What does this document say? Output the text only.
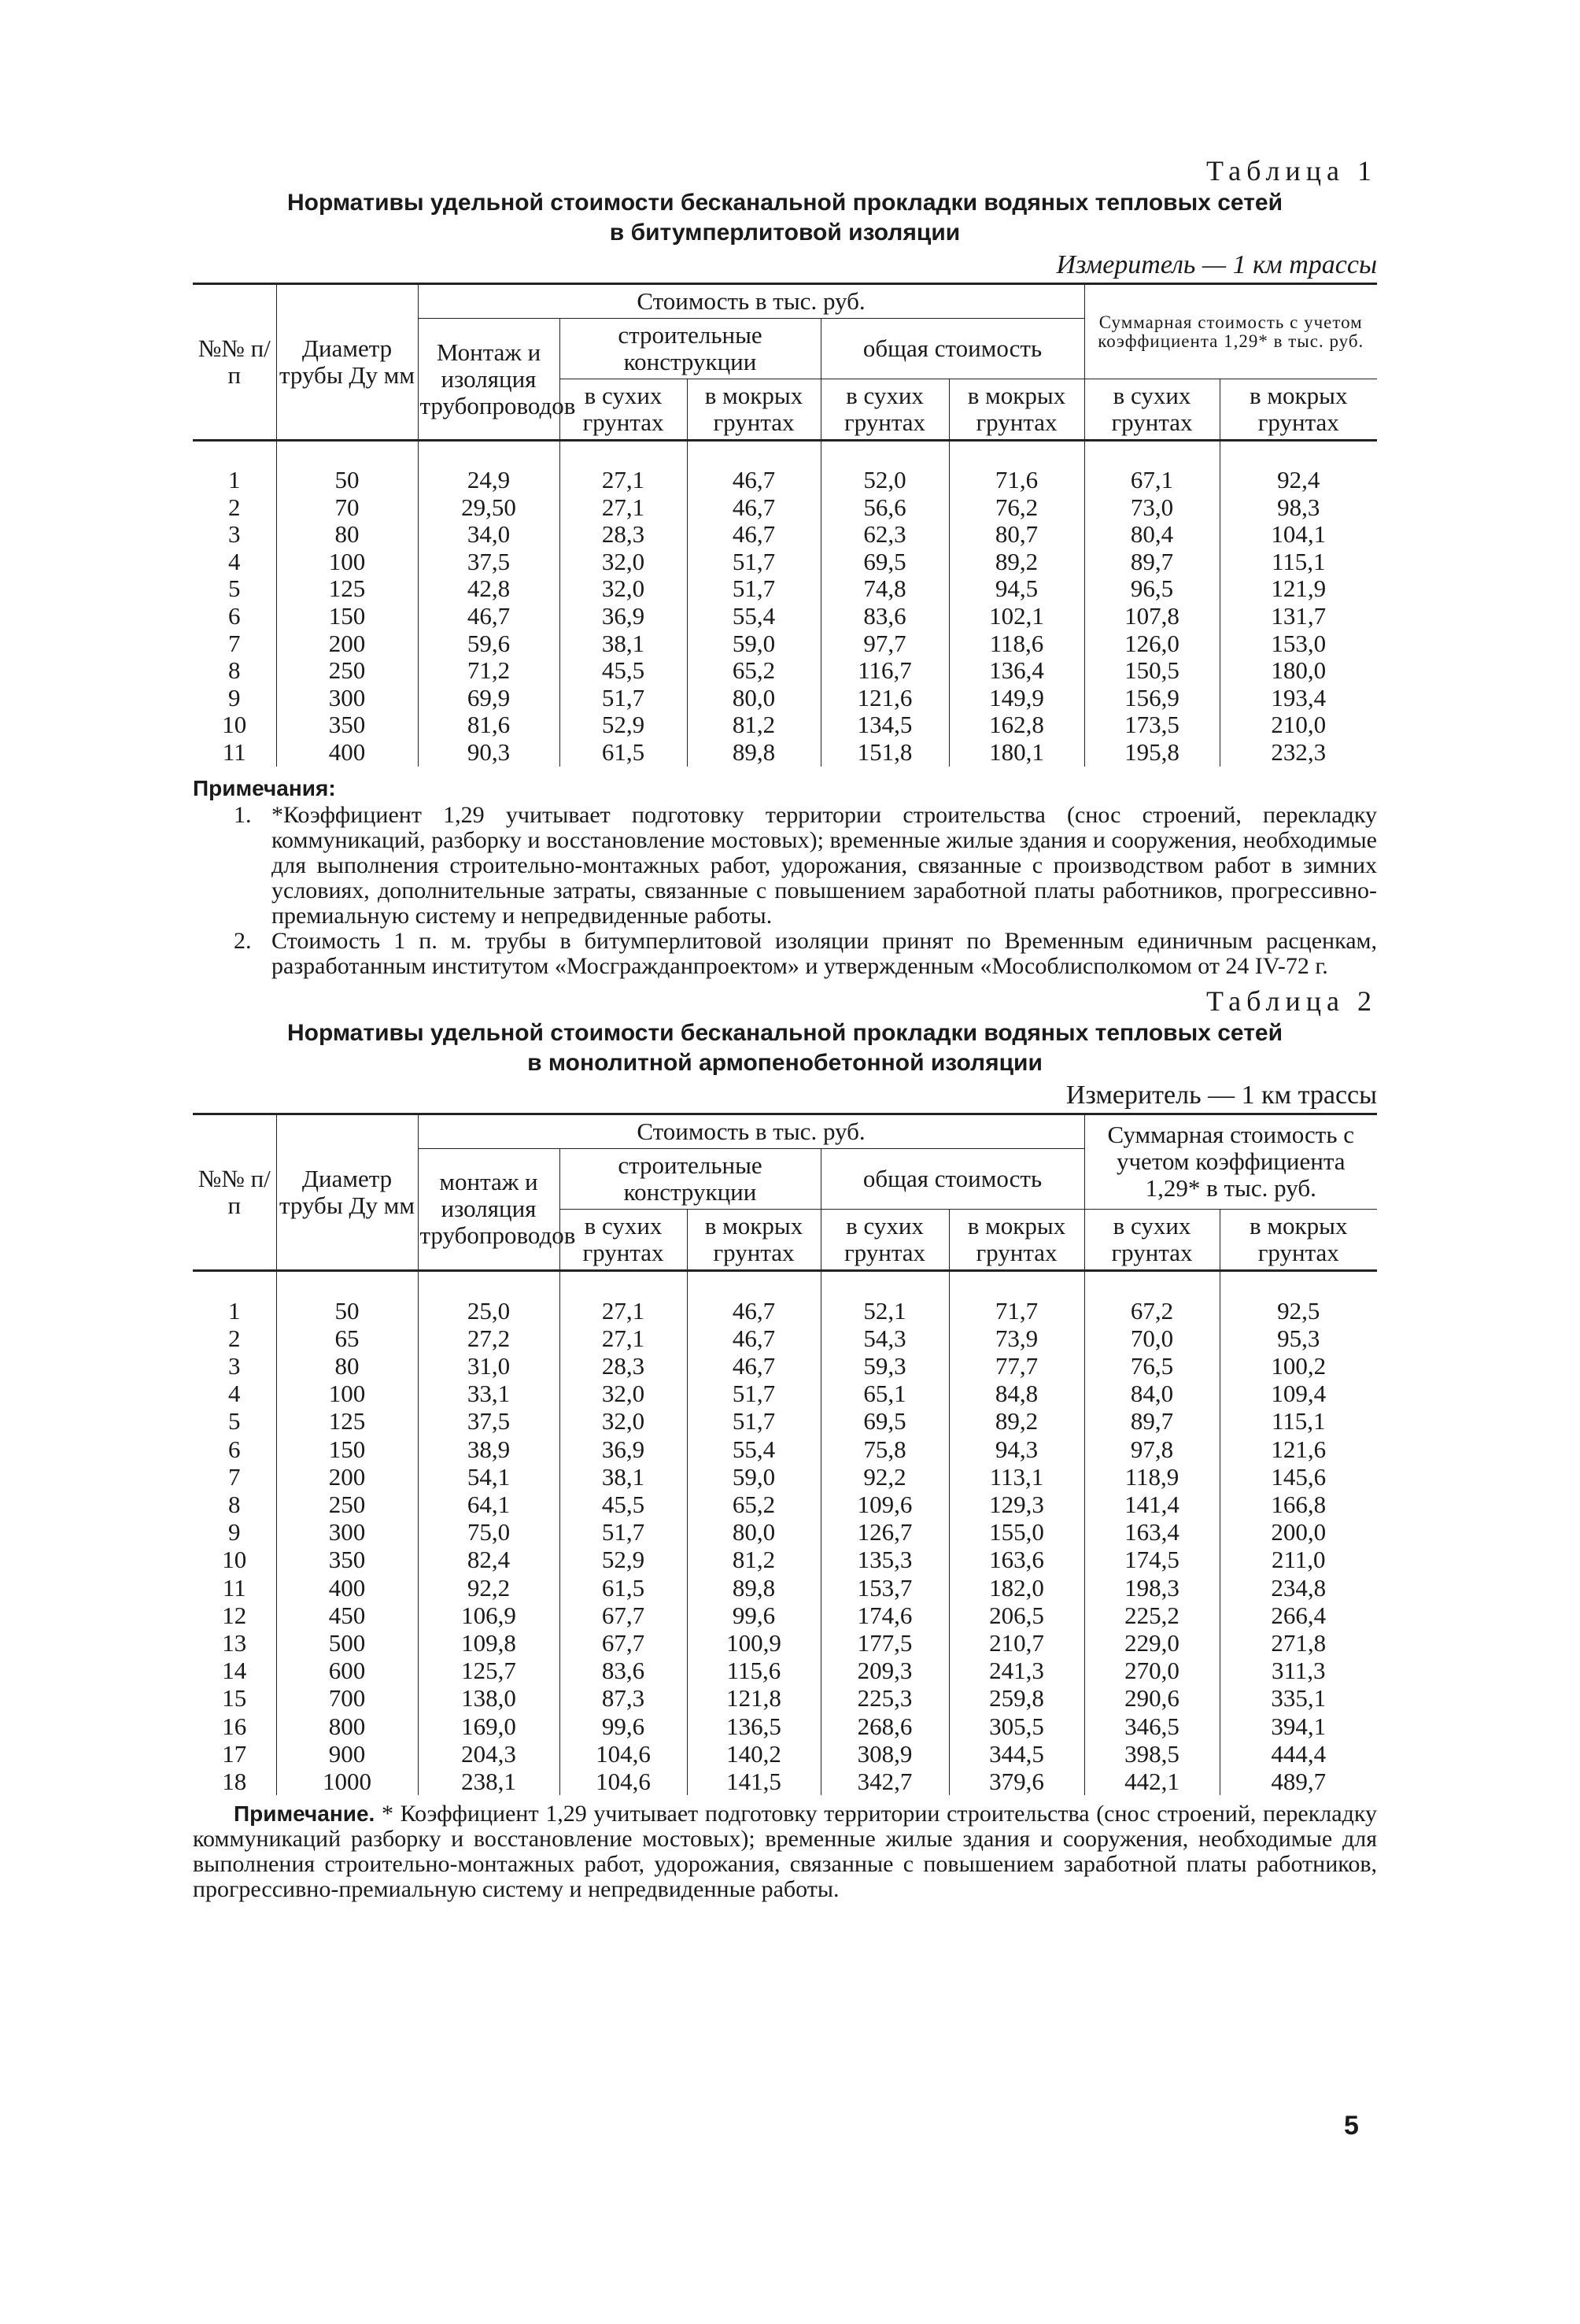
Таблица 1
Нормативы удельной стоимости бесканальной прокладки водяных тепловых сетей
в битумперлитовой изоляции
Измеритель — 1 км трассы
№№ п/п	Диаметр трубы Ду мм	Стоимость в тыс. руб.					Суммарная стоимость с учетом коэффициента 1,29* в тыс. руб.	
		Монтаж и изоляция трубопроводов	строительные конструкции		общая стоимость			
			в сухих грунтах	в мокрых грунтах	в сухих грунтах	в мокрых грунтах	в сухих грунтах	в мокрых грунтах

1	50	24,9	27,1	46,7	52,0	71,6	67,1	92,4
2	70	29,50	27,1	46,7	56,6	76,2	73,0	98,3
3	80	34,0	28,3	46,7	62,3	80,7	80,4	104,1
4	100	37,5	32,0	51,7	69,5	89,2	89,7	115,1
5	125	42,8	32,0	51,7	74,8	94,5	96,5	121,9
6	150	46,7	36,9	55,4	83,6	102,1	107,8	131,7
7	200	59,6	38,1	59,0	97,7	118,6	126,0	153,0
8	250	71,2	45,5	65,2	116,7	136,4	150,5	180,0
9	300	69,9	51,7	80,0	121,6	149,9	156,9	193,4
10	350	81,6	52,9	81,2	134,5	162,8	173,5	210,0
11	400	90,3	61,5	89,8	151,8	180,1	195,8	232,3
Примечания:
1. *Коэффициент 1,29 учитывает подготовку территории строительства (снос строений, перекладку коммуникаций, разборку и восстановление мостовых); временные жилые здания и сооружения, необходимые для выполнения строительно-монтажных работ, удорожания, связанные с производством работ в зимних условиях, дополнительные затраты, связанные с повышением заработной платы работников, прогрессивно-премиальную систему и непредвиденные работы.
2. Стоимость 1 п. м. трубы в битумперлитовой изоляции принят по Временным единичным расценкам, разработанным институтом «Мосгражданпроектом» и утвержденным «Мособлисполкомом от 24 IV-72 г.
Таблица 2
Нормативы удельной стоимости бесканальной прокладки водяных тепловых сетей
в монолитной армопенобетонной изоляции
Измеритель — 1 км трассы
№№ п/п	Диаметр трубы Ду мм	Стоимость в тыс. руб.					Суммарная стоимость с учетом коэффициента 1,29* в тыс. руб.	
		монтаж и изоляция трубопроводов	строительные конструкции		общая стоимость			
			в сухих грунтах	в мокрых грунтах	в сухих грунтах	в мокрых грунтах	в сухих грунтах	в мокрых грунтах

1	50	25,0	27,1	46,7	52,1	71,7	67,2	92,5
2	65	27,2	27,1	46,7	54,3	73,9	70,0	95,3
3	80	31,0	28,3	46,7	59,3	77,7	76,5	100,2
4	100	33,1	32,0	51,7	65,1	84,8	84,0	109,4
5	125	37,5	32,0	51,7	69,5	89,2	89,7	115,1
6	150	38,9	36,9	55,4	75,8	94,3	97,8	121,6
7	200	54,1	38,1	59,0	92,2	113,1	118,9	145,6
8	250	64,1	45,5	65,2	109,6	129,3	141,4	166,8
9	300	75,0	51,7	80,0	126,7	155,0	163,4	200,0
10	350	82,4	52,9	81,2	135,3	163,6	174,5	211,0
11	400	92,2	61,5	89,8	153,7	182,0	198,3	234,8
12	450	106,9	67,7	99,6	174,6	206,5	225,2	266,4
13	500	109,8	67,7	100,9	177,5	210,7	229,0	271,8
14	600	125,7	83,6	115,6	209,3	241,3	270,0	311,3
15	700	138,0	87,3	121,8	225,3	259,8	290,6	335,1
16	800	169,0	99,6	136,5	268,6	305,5	346,5	394,1
17	900	204,3	104,6	140,2	308,9	344,5	398,5	444,4
18	1000	238,1	104,6	141,5	342,7	379,6	442,1	489,7
Примечание. * Коэффициент 1,29 учитывает подготовку территории строительства (снос строений, перекладку коммуникаций разборку и восстановление мостовых); временные жилые здания и сооружения, необходимые для выполнения строительно-монтажных работ, удорожания, связанные с повышением заработной платы работников, прогрессивно-премиальную систему и непредвиденные работы.
5
